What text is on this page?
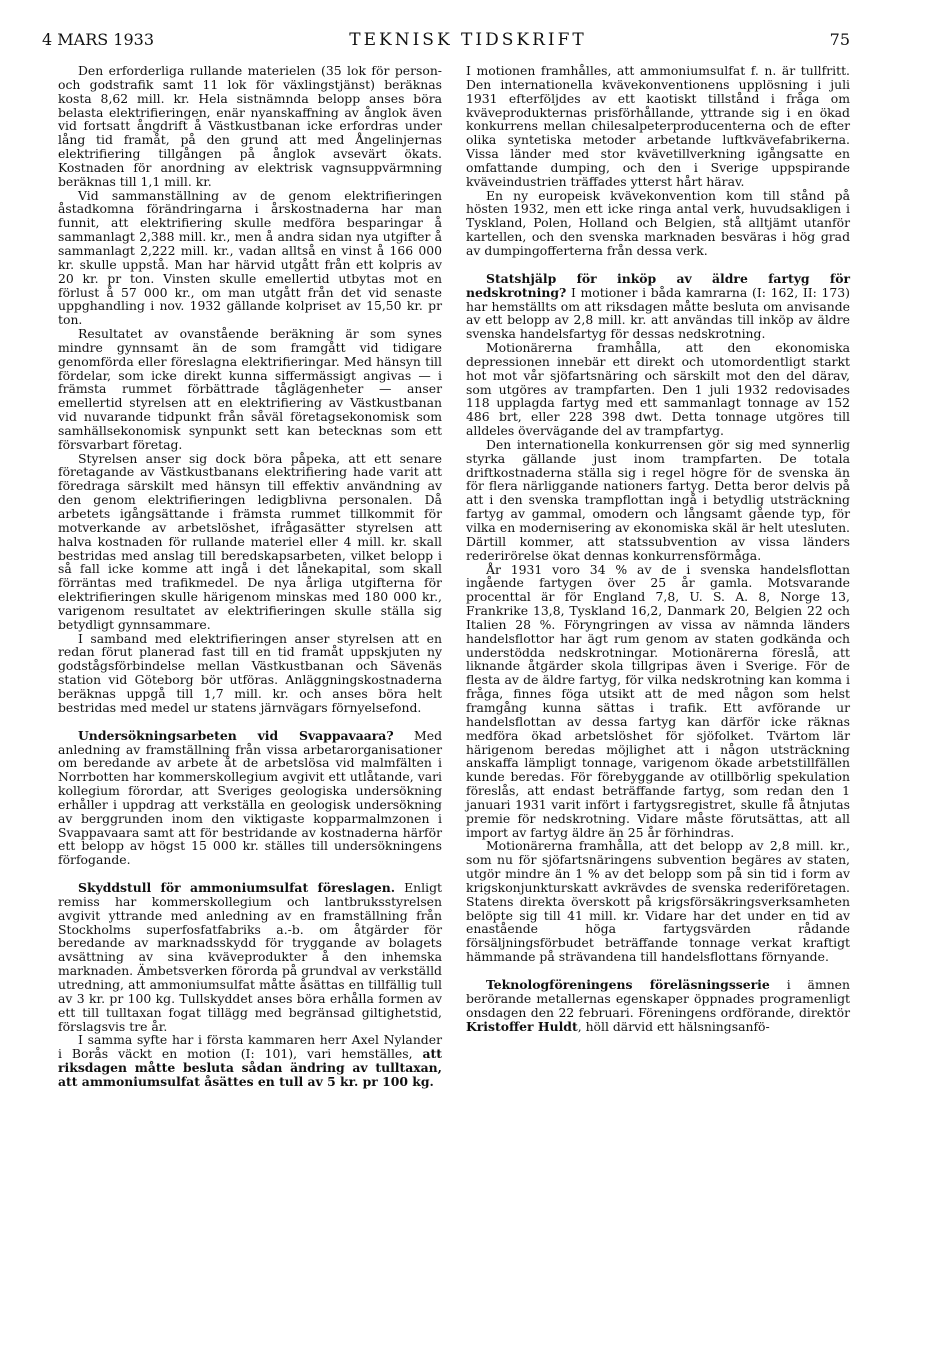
4 MARS 1933	TEKNISK TIDSKRIFT	75

Den erforderliga rullande materielen (35 lok för person- och godstrafik samt 11 lok för växlingstjänst) beräknas kosta 8,62 mill. kr. Hela sistnämnda belopp anses böra belasta elektrifieringen, enär nyanskaffning av ånglok även vid fortsatt ångdrift å Västkustbanan icke erfordras under lång tid framåt, på den grund att med Ångelinjernas elektrifiering tillgången på ånglok avsevärt ökats. Kostnaden för anordning av elektrisk vagnsuppvärmning beräknas till 1,1 mill. kr.

Vid sammanställning av de genom elektrifieringen åstadkomna förändringarna i årskostnaderna har man funnit, att elektrifiering skulle medföra besparingar å sammanlagt 2,388 mill. kr., men å andra sidan nya utgifter å sammanlagt 2,222 mill. kr., vadan alltså en vinst å 166 000 kr. skulle uppstå. Man har härvid utgått från ett kolpris av 20 kr. pr ton. Vinsten skulle emellertid utbytas mot en förlust å 57 000 kr., om man utgått från det vid senaste uppghandling i nov. 1932 gällande kolpriset av 15,50 kr. pr ton.

Resultatet av ovanstående beräkning är som synes mindre gynnsamt än de som framgått vid tidigare genomförda eller föreslagna elektrifieringar. Med hänsyn till fördelar, som icke direkt kunna siffermässigt angivas — i främsta rummet förbättrade tåglägenheter — anser emellertid styrelsen att en elektrifiering av Västkustbanan vid nuvarande tidpunkt från såväl företagsekonomisk som samhällsekonomisk synpunkt sett kan betecknas som ett försvarbart företag.

Styrelsen anser sig dock böra påpeka, att ett senare företagande av Västkustbanans elektrifiering hade varit att föredraga särskilt med hänsyn till effektiv användning av den genom elektrifieringen ledigblivna personalen. Då arbetets igångsättande i främsta rummet tillkommit för motverkande av arbetslöshet, ifrågasätter styrelsen att halva kostnaden för rullande materiel eller 4 mill. kr. skall bestridas med anslag till beredskapsarbeten, vilket belopp i så fall icke komme att ingå i det lånekapital, som skall förräntas med trafikmedel. De nya årliga utgifterna för elektrifieringen skulle härigenom minskas med 180 000 kr., varigenom resultatet av elektrifieringen skulle ställa sig betydligt gynnsammare.

I samband med elektrifieringen anser styrelsen att en redan förut planerad fast till en tid framåt uppskjuten ny godstågsförbindelse mellan Västkustbanan och Sävenäs station vid Göteborg bör utföras. Anläggningskostnaderna beräknas uppgå till 1,7 mill. kr. och anses böra helt bestridas med medel ur statens järnvägars förnyelsefond.

Undersökningsarbeten vid Svappavaara? Med anledning av framställning från vissa arbetarorganisationer om beredande av arbete åt de arbetslösa vid malmfälten i Norrbotten har kommerskollegium avgivit ett utlåtande, vari kollegium förordar, att Sveriges geologiska undersökning erhåller i uppdrag att verkställa en geologisk undersökning av berggrunden inom den viktigaste kopparmalmzonen i Svappavaara samt att för bestridande av kostnaderna härför ett belopp av högst 15 000 kr. ställes till undersökningens förfogande.

Skyddstull för ammoniumsulfat föreslagen. Enligt remiss har kommerskollegium och lantbruksstyrelsen avgivit yttrande med anledning av en framställning från Stockholms superfosfatfabriks a.-b. om åtgärder för beredande av marknadsskydd för tryggande av bolagets avsättning av sina kväveprodukter å den inhemska marknaden. Ämbetsverken förorda på grundval av verkställd utredning, att ammoniumsulfat måtte åsättas en tillfällig tull av 3 kr. pr 100 kg. Tullskyddet anses böra erhålla formen av ett till tulltaxan fogat tillägg med begränsad giltighetstid, förslagsvis tre år.

I samma syfte har i första kammaren herr Axel Nylander i Borås väckt en motion (I: 101), vari hemställes, att riksdagen måtte besluta sådan ändring av tulltaxan, att ammoniumsulfat åsättes en tull av 5 kr. pr 100 kg.

I motionen framhålles, att ammoniumsulfat f. n. är tullfritt. Den internationella kvävekonventionens upplösning i juli 1931 efterföljdes av ett kaotiskt tillstånd i fråga om kväveprodukternas prisförhållande, yttrande sig i en ökad konkurrens mellan chilesalpeterproducenterna och de efter olika syntetiska metoder arbetande luftkvävefabrikerna. Vissa länder med stor kvävetillverkning igångsatte en omfattande dumping, och den i Sverige uppspirande kväveindustrien träffades ytterst hårt härav.

En ny europeisk kvävekonvention kom till stånd på hösten 1932, men ett icke ringa antal verk, huvudsakligen i Tyskland, Polen, Holland och Belgien, stå alltjämt utanför kartellen, och den svenska marknaden besväras i hög grad av dumpingofferterna från dessa verk.

Statshjälp för inköp av äldre fartyg för nedskrotning? I motioner i båda kamrarna (I: 162, II: 173) har hemställts om att riksdagen måtte besluta om anvisande av ett belopp av 2,8 mill. kr. att användas till inköp av äldre svenska handelsfartyg för dessas nedskrotning.

Motionärerna framhålla, att den ekonomiska depressionen innebär ett direkt och utomordentligt starkt hot mot vår sjöfartsnäring och särskilt mot den del därav, som utgöres av trampfarten. Den 1 juli 1932 redovisades 118 upplagda fartyg med ett sammanlagt tonnage av 152 486 brt, eller 228 398 dwt. Detta tonnage utgöres till alldeles övervägande del av trampfartyg.

Den internationella konkurrensen gör sig med synnerlig styrka gällande just inom trampfarten. De totala driftkostnaderna ställa sig i regel högre för de svenska än för flera närliggande nationers fartyg. Detta beror delvis på att i den svenska trampflottan ingå i betydlig utsträckning fartyg av gammal, omodern och långsamt gående typ, för vilka en modernisering av ekonomiska skäl är helt utesluten. Därtill kommer, att statssubvention av vissa länders rederirörelse ökat dennas konkurrensförmåga.

År 1931 voro 34 % av de i svenska handelsflottan ingående fartygen över 25 år gamla. Motsvarande procenttal är för England 7,8, U. S. A. 8, Norge 13, Frankrike 13,8, Tyskland 16,2, Danmark 20, Belgien 22 och Italien 28 %. Föryngringen av vissa av nämnda länders handelsflottor har ägt rum genom av staten godkända och understödda nedskrotningar. Motionärerna föreslå, att liknande åtgärder skola tillgripas även i Sverige. För de flesta av de äldre fartyg, för vilka nedskrotning kan komma i fråga, finnes föga utsikt att de med någon som helst framgång kunna sättas i trafik. Ett avförande ur handelsflottan av dessa fartyg kan därför icke räknas medföra ökad arbetslöshet för sjöfolket. Tvärtom lär härigenom beredas möjlighet att i någon utsträckning anskaffa lämpligt tonnage, varigenom ökade arbetstillfällen kunde beredas. För förebyggande av otillbörlig spekulation föreslås, att endast beträffande fartyg, som redan den 1 januari 1931 varit infört i fartygsregistret, skulle få åtnjutas premie för nedskrotning. Vidare måste förutsättas, att all import av fartyg äldre än 25 år förhindras.

Motionärerna framhålla, att det belopp av 2,8 mill. kr., som nu för sjöfartsnäringens subvention begäres av staten, utgör mindre än 1 % av det belopp som på sin tid i form av krigskonjunkturskatt avkrävdes de svenska rederiföretagen. Statens direkta överskott på krigsförsäkringsverksamheten belöpte sig till 41 mill. kr. Vidare har det under en tid av enastående höga fartygsvärden rådande försäljningsförbudet beträffande tonnage verkat kraftigt hämmande på strävandena till handelsflottans förnyande.

Teknologföreningens föreläsningsserie i ämnen berörande metallernas egenskaper öppnades programenligt onsdagen den 22 februari. Föreningens ordförande, direktör Kristoffer Huldt, höll därvid ett hälsningsanfö-
